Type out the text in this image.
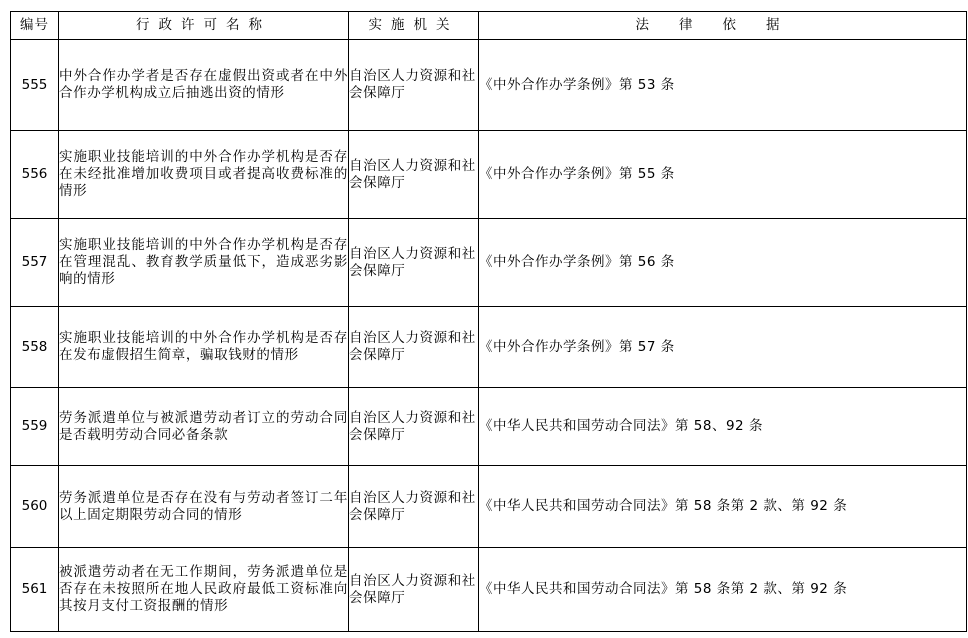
编号	行政许可名称	实施机关	法律依据
555	中外合作办学者是否存在虚假出资或者在中外合作办学机构成立后抽逃出资的情形	自治区人力资源和社会保障厅	《中外合作办学条例》第 53 条
556	实施职业技能培训的中外合作办学机构是否存在未经批准增加收费项目或者提高收费标准的情形	自治区人力资源和社会保障厅	《中外合作办学条例》第 55 条
557	实施职业技能培训的中外合作办学机构是否存在管理混乱、教育教学质量低下，造成恶劣影响的情形	自治区人力资源和社会保障厅	《中外合作办学条例》第 56 条
558	实施职业技能培训的中外合作办学机构是否存在发布虚假招生简章，骗取钱财的情形	自治区人力资源和社会保障厅	《中外合作办学条例》第 57 条
559	劳务派遣单位与被派遣劳动者订立的劳动合同是否载明劳动合同必备条款	自治区人力资源和社会保障厅	《中华人民共和国劳动合同法》第 58、92 条
560	劳务派遣单位是否存在没有与劳动者签订二年以上固定期限劳动合同的情形	自治区人力资源和社会保障厅	《中华人民共和国劳动合同法》第 58 条第 2 款、第 92 条
561	被派遣劳动者在无工作期间，劳务派遣单位是否存在未按照所在地人民政府最低工资标准向其按月支付工资报酬的情形	自治区人力资源和社会保障厅	《中华人民共和国劳动合同法》第 58 条第 2 款、第 92 条
